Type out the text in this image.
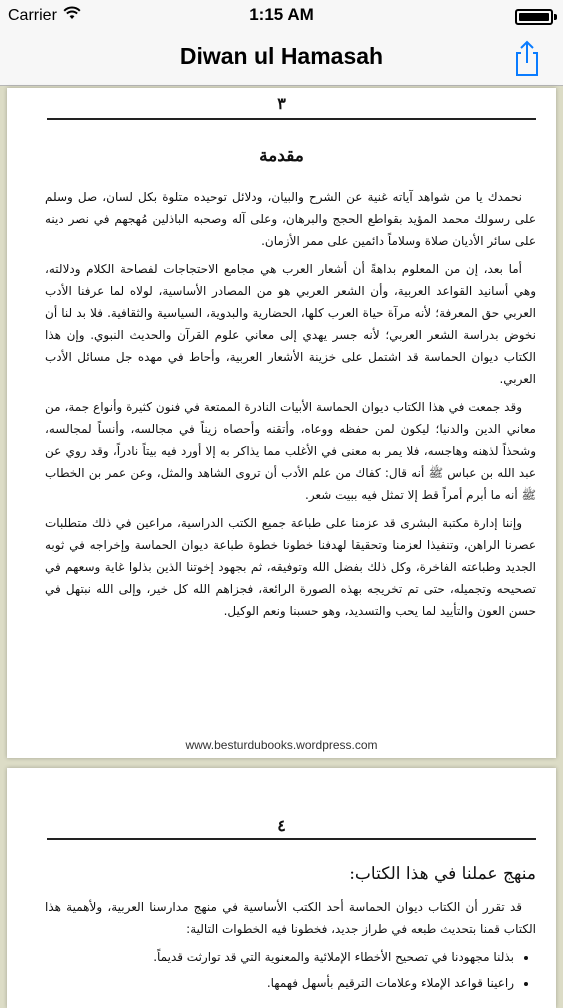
Carrier	1:15 AM
Diwan ul Hamasah
٣
مقدمة

نحمدك يا من شواهد آياته غنية عن الشرح والبيان، ودلائل توحيده متلوة بكل لسان، صل وسلم على رسولك محمد المؤيد بقواطع الحجج والبرهان، وعلى آله وصحبه الباذلين مُهجهم في نصر دينه على سائر الأديان صلاة وسلاماً دائمين على ممر الأزمان.

أما بعد، إن من المعلوم بداهةً أن أشعار العرب هي مجامع الاحتجاجات لفصاحة الكلام ودلالته، وهي أسانيد القواعد العربية، وأن الشعر العربي هو من المصادر الأساسية، لولاه لما عرفنا الأدب العربي حق المعرفة؛ لأنه مرآة حياة العرب كلها، الحضارية والبدوية، السياسية والثقافية. فلا بد لنا أن نخوض بدراسة الشعر العربي؛ لأنه جسر يهدي إلى معاني علوم القرآن والحديث النبوي. وإن هذا الكتاب ديوان الحماسة قد اشتمل على خزينة الأشعار العربية، وأحاط في مهده جل مسائل الأدب العربي.

وقد جمعت في هذا الكتاب ديوان الحماسة الأبيات النادرة الممتعة في فنون كثيرة وأنواع جمة، من معاني الدين والدنيا؛ ليكون لمن حفظه ووعاه، وأتقنه وأحصاه زيناً في مجالسه، وأنساً لمجالسه، وشحذاً لذهنه وهاجسه، فلا يمر به معنى في الأغلب مما يذاكر به إلا أورد فيه بيتاً نادراً، وقد روي عن عبد الله بن عباس ﷺ أنه قال: كفاك من علم الأدب أن تروى الشاهد والمثل، وعن عمر بن الخطاب ﷺ أنه ما أبرم أمراً قط إلا تمثل فيه ببيت شعر.

وإننا إدارة مكتبة البشرى قد عزمنا على طباعة جميع الكتب الدراسية، مراعين في ذلك متطلبات عصرنا الراهن، وتنفيذا لعزمنا وتحقيقا لهدفنا خطونا خطوة طباعة ديوان الحماسة وإخراجه في ثوبه الجديد وطباعته الفاخرة، وكل ذلك بفضل الله وتوفيقه، ثم بجهود إخوتنا الذين بذلوا غاية وسعهم في تصحيحه وتجميله، حتى تم تخريجه بهذه الصورة الرائعة، فجزاهم الله كل خير، وإلى الله نبتهل في حسن العون والتأييد لما يحب والتسديد، وهو حسبنا ونعم الوكيل.

www.besturdubooks.wordpress.com
٤
منهج عملنا في هذا الكتاب:

قد تقرر أن الكتاب ديوان الحماسة أحد الكتب الأساسية في منهج مدارسنا العربية، ولأهمية هذا الكتاب قمنا بتحديث طبعه في طراز جديد، فخطونا فيه الخطوات التالية:

• بذلنا مجهودنا في تصحيح الأخطاء الإملائية والمعنوية التي قد توارثت قديماً.
• راعينا قواعد الإملاء وعلامات الترقيم بأسهل فهمها.
